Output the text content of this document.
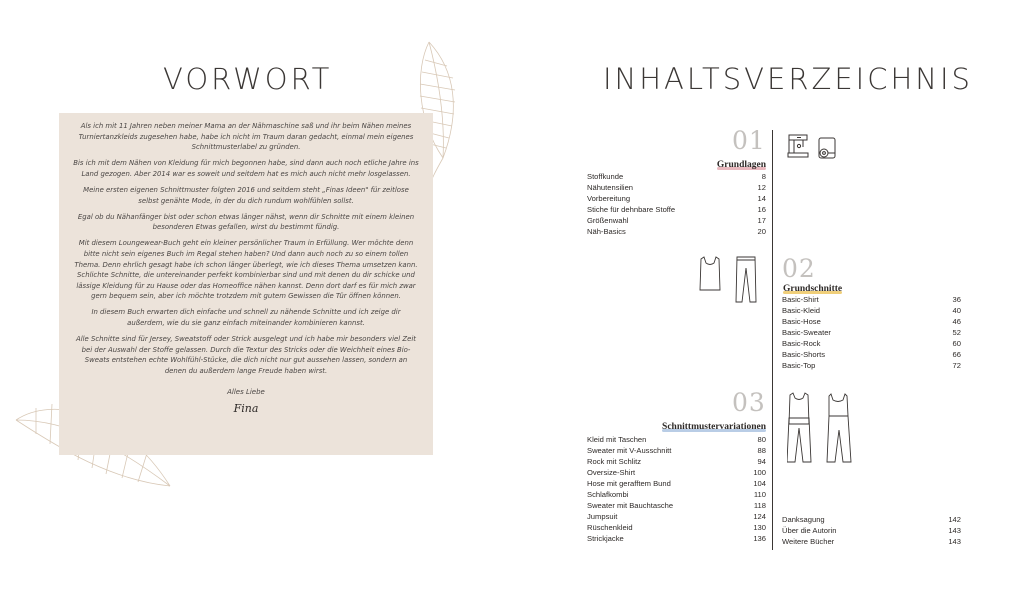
VORWORT

Als ich mit 11 Jahren neben meiner Mama an der Nähmaschine saß und ihr beim Nähen meines Turniertanzkleids zugesehen habe, habe ich nicht im Traum daran gedacht, einmal mein eigenes Schnittmusterlabel zu gründen.

Bis ich mit dem Nähen von Kleidung für mich begonnen habe, sind dann auch noch etliche Jahre ins Land gezogen. Aber 2014 war es soweit und seitdem hat es mich auch nicht mehr losgelassen.

Meine ersten eigenen Schnittmuster folgten 2016 und seitdem steht „Finas Ideen" für zeitlose selbst genähte Mode, in der du dich rundum wohlfühlen sollst.

Egal ob du Nähanfänger bist oder schon etwas länger nähst, wenn dir Schnitte mit einem kleinen besonderen Etwas gefallen, wirst du bestimmt fündig.

Mit diesem Loungewear-Buch geht ein kleiner persönlicher Traum in Erfüllung. Wer möchte denn bitte nicht sein eigenes Buch im Regal stehen haben? Und dann auch noch zu so einem tollen Thema. Denn ehrlich gesagt habe ich schon länger überlegt, wie ich dieses Thema umsetzen kann. Schlichte Schnitte, die untereinander perfekt kombinierbar sind und mit denen du dir schicke und lässige Kleidung für zu Hause oder das Homeoffice nähen kannst. Denn dort darf es für mich zwar gern bequem sein, aber ich möchte trotzdem mit gutem Gewissen die Tür öffnen können.

In diesem Buch erwarten dich einfache und schnell zu nähende Schnitte und ich zeige dir außerdem, wie du sie ganz einfach miteinander kombinieren kannst.

Alle Schnitte sind für Jersey, Sweatstoff oder Strick ausgelegt und ich habe mir besonders viel Zeit bei der Auswahl der Stoffe gelassen. Durch die Textur des Stricks oder die Weichheit eines Bio-Sweats entstehen echte Wohlfühl-Stücke, die dich nicht nur gut aussehen lassen, sondern an denen du außerdem lange Freude haben wirst.

Alles Liebe
Fina
INHALTSVERZEICHNIS
01
Grundlagen
Stoffkunde	8
Nähutensilien	12
Vorbereitung	14
Stiche für dehnbare Stoffe	16
Größenwahl	17
Näh-Basics	20
02
Grundschnitte
Basic-Shirt	36
Basic-Kleid	40
Basic-Hose	46
Basic-Sweater	52
Basic-Rock	60
Basic-Shorts	66
Basic-Top	72
03
Schnittmustervariationen
Kleid mit Taschen	80
Sweater mit V-Ausschnitt	88
Rock mit Schlitz	94
Oversize-Shirt	100
Hose mit gerafftem Bund	104
Schlafkombi	110
Sweater mit Bauchtasche	118
Jumpsuit	124
Rüschenkleid	130
Strickjacke	136
Danksagung	142
Über die Autorin	143
Weitere Bücher	143
